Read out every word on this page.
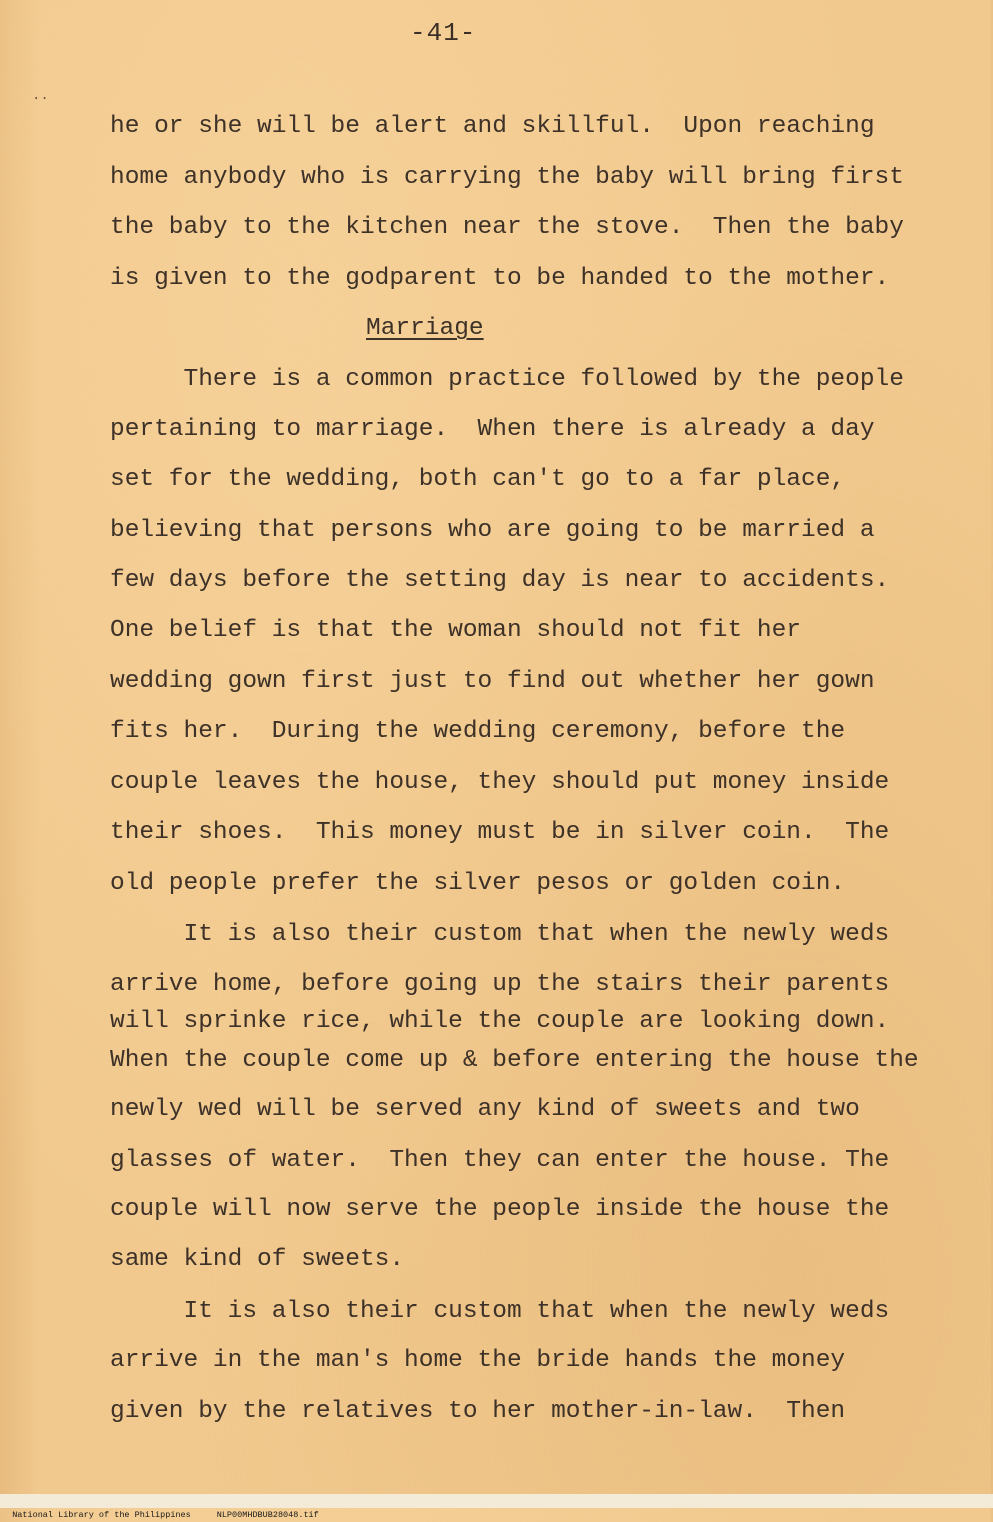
-41-
..
he or she will be alert and skillful.  Upon reaching
home anybody who is carrying the baby will bring first
the baby to the kitchen near the stove.  Then the baby
is given to the godparent to be handed to the mother.
Marriage
There is a common practice followed by the people
pertaining to marriage.  When there is already a day
set for the wedding, both can't go to a far place,
believing that persons who are going to be married a
few days before the setting day is near to accidents.
One belief is that the woman should not fit her
wedding gown first just to find out whether her gown
fits her.  During the wedding ceremony, before the
couple leaves the house, they should put money inside
their shoes.  This money must be in silver coin.  The
old people prefer the silver pesos or golden coin.
It is also their custom that when the newly weds
arrive home, before going up the stairs their parents
will sprinke rice, while the couple are looking down.
When the couple come up & before entering the house the
newly wed will be served any kind of sweets and two
glasses of water.  Then they can enter the house. The
couple will now serve the people inside the house the
same kind of sweets.
It is also their custom that when the newly weds
arrive in the man's home the bride hands the money
given by the relatives to her mother-in-law.  Then

National Library of the Philippines	NLP00MHDBUB28048.tif
